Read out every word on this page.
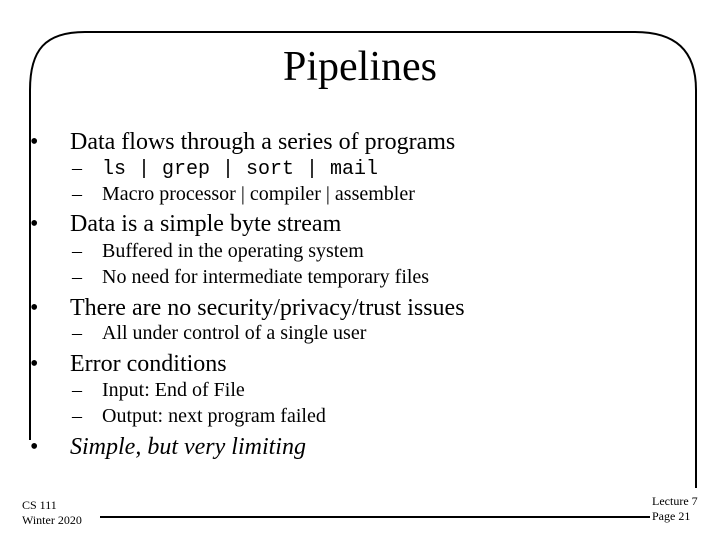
Pipelines
• Data flows through a series of programs
– ls | grep | sort | mail
– Macro processor | compiler | assembler
• Data is a simple byte stream
– Buffered in the operating system
– No need for intermediate temporary files
• There are no security/privacy/trust issues
– All under control of a single user
• Error conditions
– Input: End of File
– Output: next program failed
• Simple, but very limiting
CS 111
Winter 2020
Lecture 7
Page 21
